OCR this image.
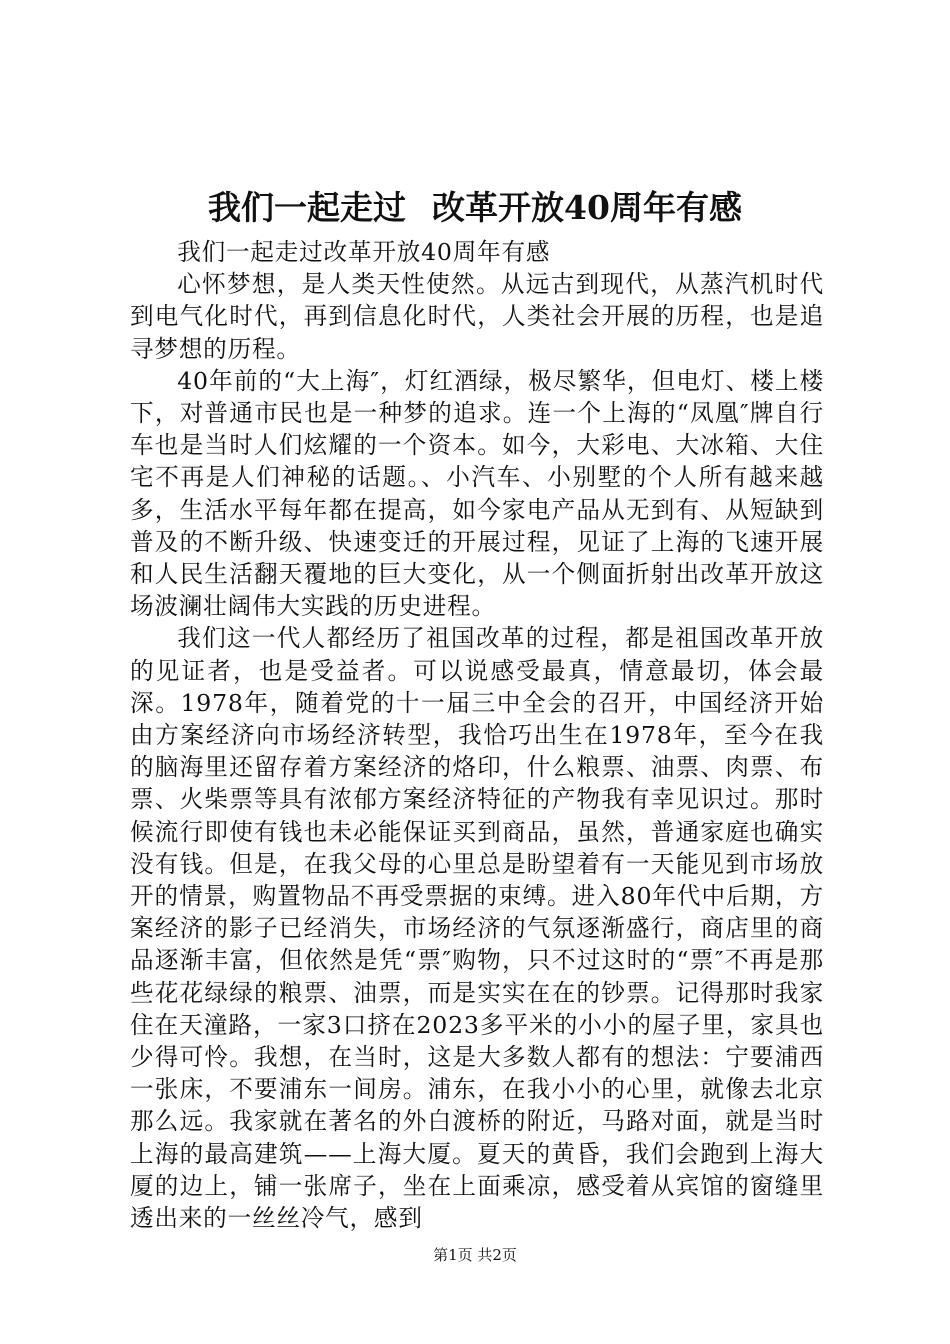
我们一起走过 改革开放40周年有感

我们一起走过改革开放40周年有感

心怀梦想，是人类天性使然。从远古到现代，从蒸汽机时代到电气化时代，再到信息化时代，人类社会开展的历程，也是追寻梦想的历程。

40年前的“大上海″，灯红酒绿，极尽繁华，但电灯、楼上楼下，对普通市民也是一种梦的追求。连一个上海的“凤凰″牌自行车也是当时人们炫耀的一个资本。如今，大彩电、大冰箱、大住宅不再是人们神秘的话题。、小汽车、小别墅的个人所有越来越多，生活水平每年都在提高，如今家电产品从无到有、从短缺到普及的不断升级、快速变迁的开展过程，见证了上海的飞速开展和人民生活翻天覆地的巨大变化，从一个侧面折射出改革开放这场波澜壮阔伟大实践的历史进程。

我们这一代人都经历了祖国改革的过程，都是祖国改革开放的见证者，也是受益者。可以说感受最真，情意最切，体会最深。1978年，随着党的十一届三中全会的召开，中国经济开始由方案经济向市场经济转型，我恰巧出生在1978年，至今在我的脑海里还留存着方案经济的烙印，什么粮票、油票、肉票、布票、火柴票等具有浓郁方案经济特征的产物我有幸见识过。那时候流行即使有钱也未必能保证买到商品，虽然，普通家庭也确实没有钱。但是，在我父母的心里总是盼望着有一天能见到市场放开的情景，购置物品不再受票据的束缚。进入80年代中后期，方案经济的影子已经消失，市场经济的气氛逐渐盛行，商店里的商品逐渐丰富，但依然是凭“票″购物，只不过这时的“票″不再是那些花花绿绿的粮票、油票，而是实实在在的钞票。记得那时我家住在天潼路，一家3口挤在2023多平米的小小的屋子里，家具也少得可怜。我想，在当时，这是大多数人都有的想法：宁要浦西一张床，不要浦东一间房。浦东，在我小小的心里，就像去北京那么远。我家就在著名的外白渡桥的附近，马路对面，就是当时上海的最高建筑——上海大厦。夏天的黄昏，我们会跑到上海大厦的边上，铺一张席子，坐在上面乘凉，感受着从宾馆的窗缝里透出来的一丝丝冷气，感到

第1页 共2页
